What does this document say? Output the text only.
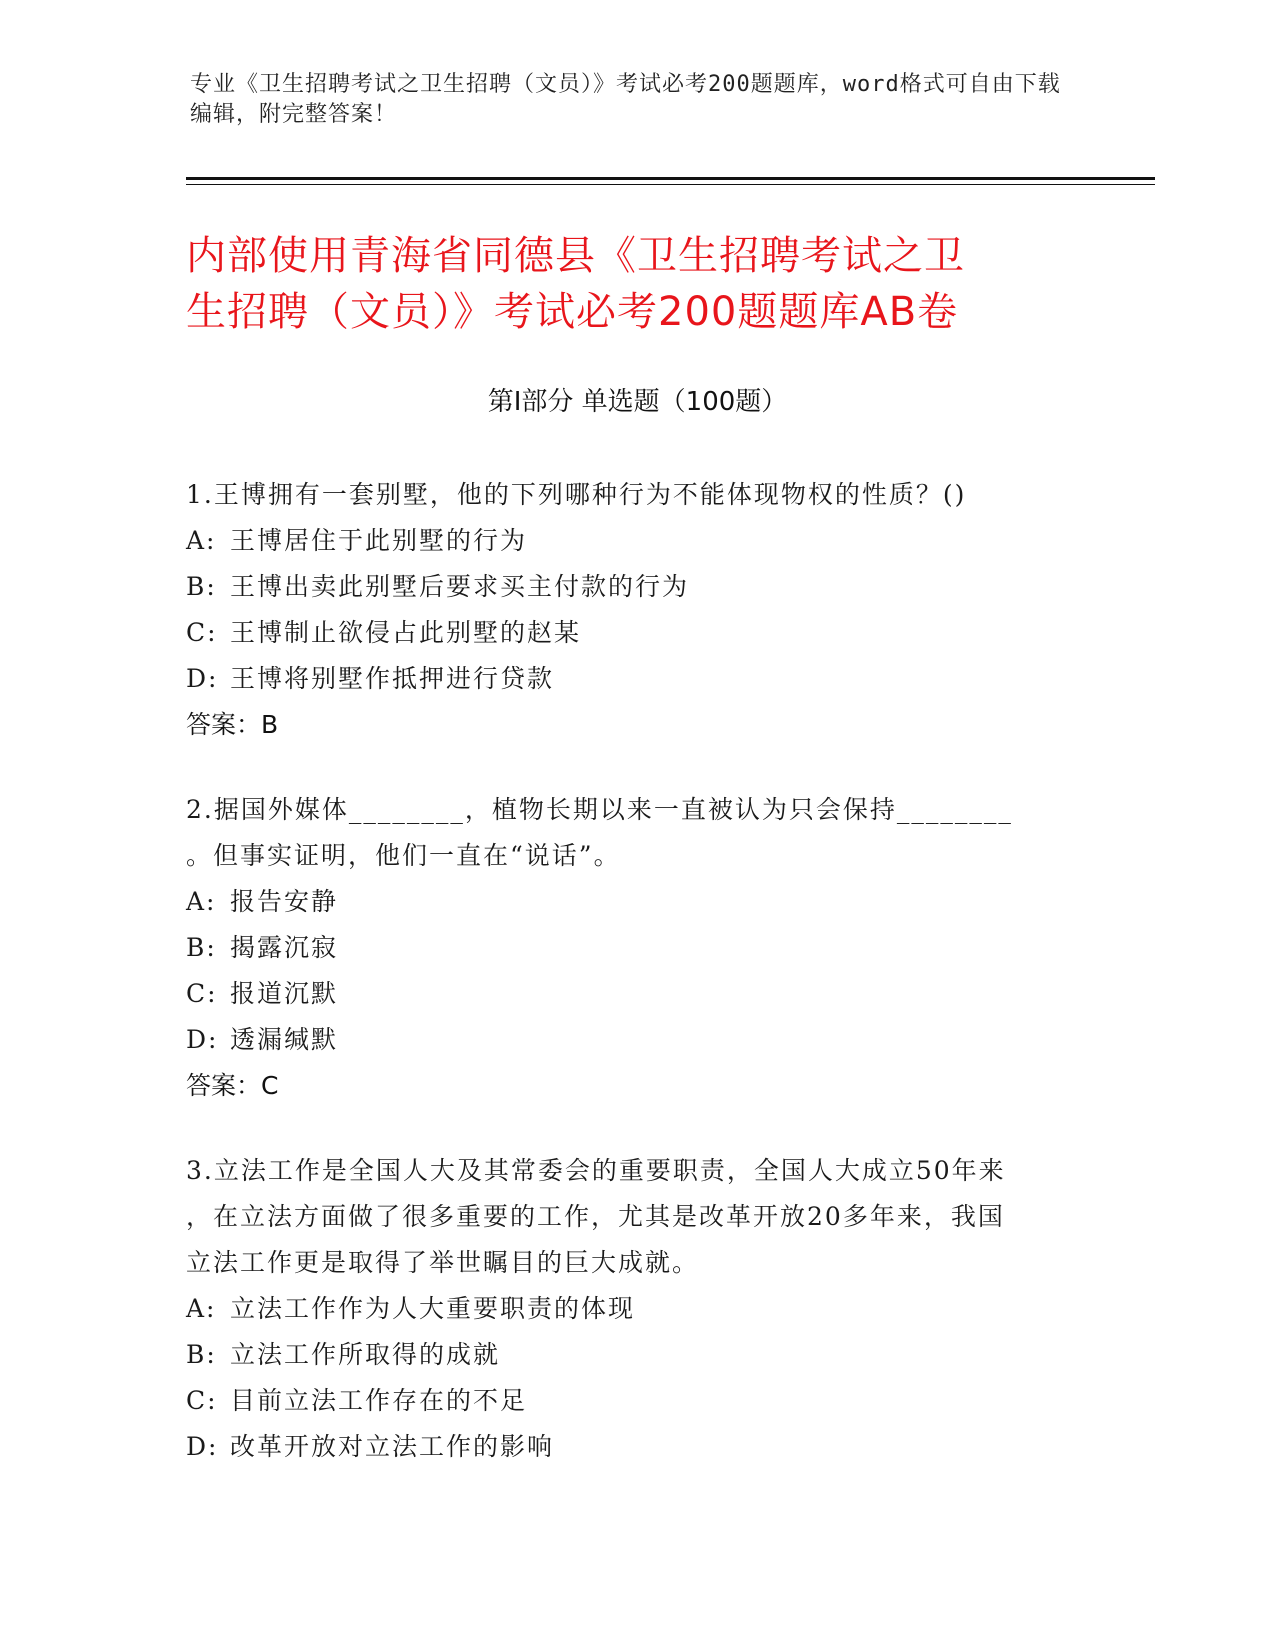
专业《卫生招聘考试之卫生招聘（文员）》考试必考200题题库，word格式可自由下载编辑，附完整答案！
内部使用青海省同德县《卫生招聘考试之卫
生招聘（文员）》考试必考200题题库AB卷
第I部分 单选题（100题）

1.王博拥有一套别墅，他的下列哪种行为不能体现物权的性质？()

A: 王博居住于此别墅的行为

B: 王博出卖此别墅后要求买主付款的行为

C: 王博制止欲侵占此别墅的赵某

D: 王博将别墅作抵押进行贷款

答案：B

2.据国外媒体________，植物长期以来一直被认为只会保持________

。但事实证明，他们一直在“说话”。

A: 报告安静

B: 揭露沉寂

C: 报道沉默

D: 透漏缄默

答案：C

3.立法工作是全国人大及其常委会的重要职责，全国人大成立50年来

，在立法方面做了很多重要的工作，尤其是改革开放20多年来，我国

立法工作更是取得了举世瞩目的巨大成就。

A: 立法工作作为人大重要职责的体现

B: 立法工作所取得的成就

C: 目前立法工作存在的不足

D: 改革开放对立法工作的影响
